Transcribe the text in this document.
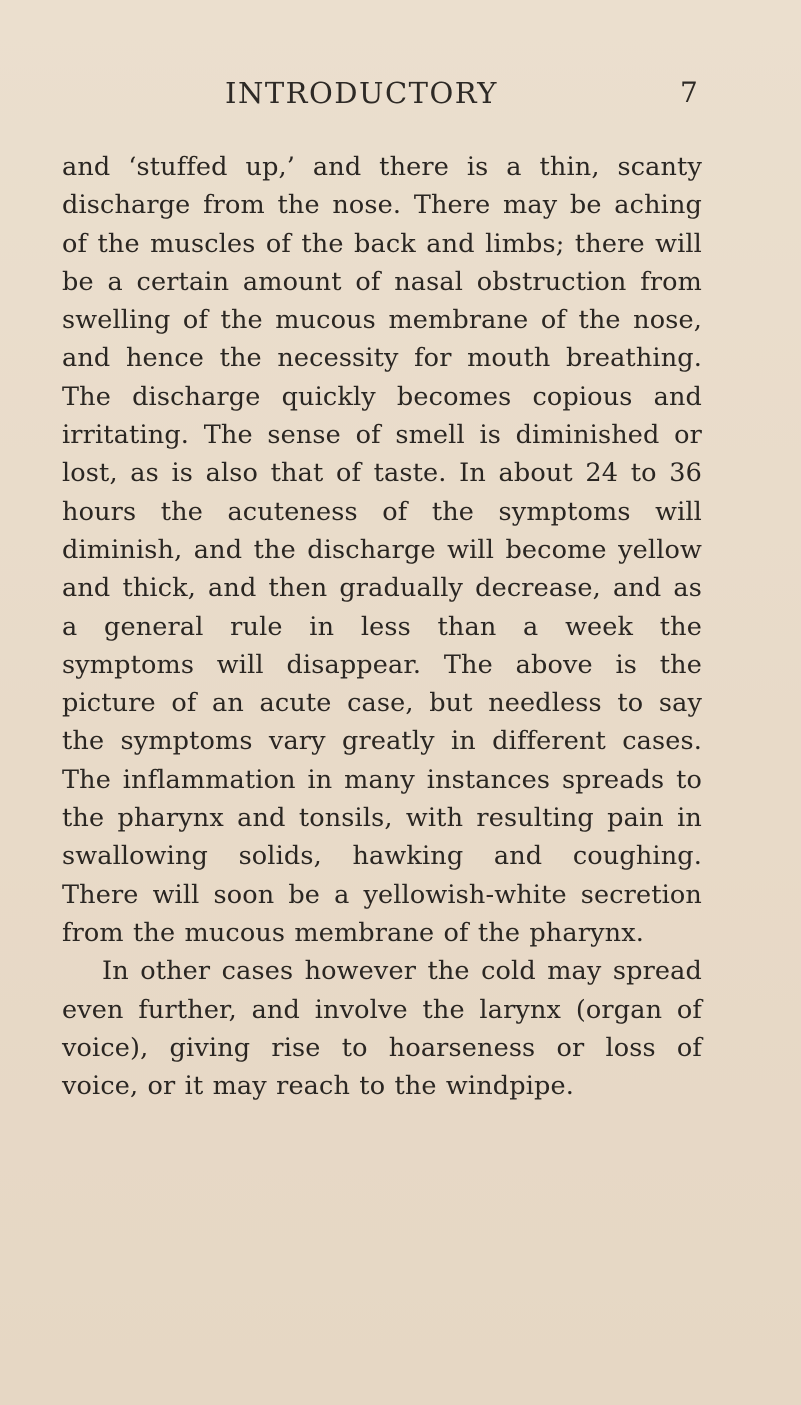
INTRODUCTORY	7

and ‘stuffed up,’ and there is a thin, scanty discharge from the nose. There may be aching of the muscles of the back and limbs; there will be a certain amount of nasal obstruction from swelling of the mucous membrane of the nose, and hence the necessity for mouth breathing. The discharge quickly becomes copious and irritating. The sense of smell is diminished or lost, as is also that of taste. In about 24 to 36 hours the acuteness of the symptoms will diminish, and the discharge will become yellow and thick, and then gradually decrease, and as a general rule in less than a week the symptoms will disappear. The above is the picture of an acute case, but needless to say the symptoms vary greatly in different cases. The inflammation in many instances spreads to the pharynx and tonsils, with resulting pain in swallowing solids, hawking and coughing. There will soon be a yellowish-white secretion from the mucous membrane of the pharynx.

In other cases however the cold may spread even further, and involve the larynx (organ of voice), giving rise to hoarseness or loss of voice, or it may reach to the windpipe.
